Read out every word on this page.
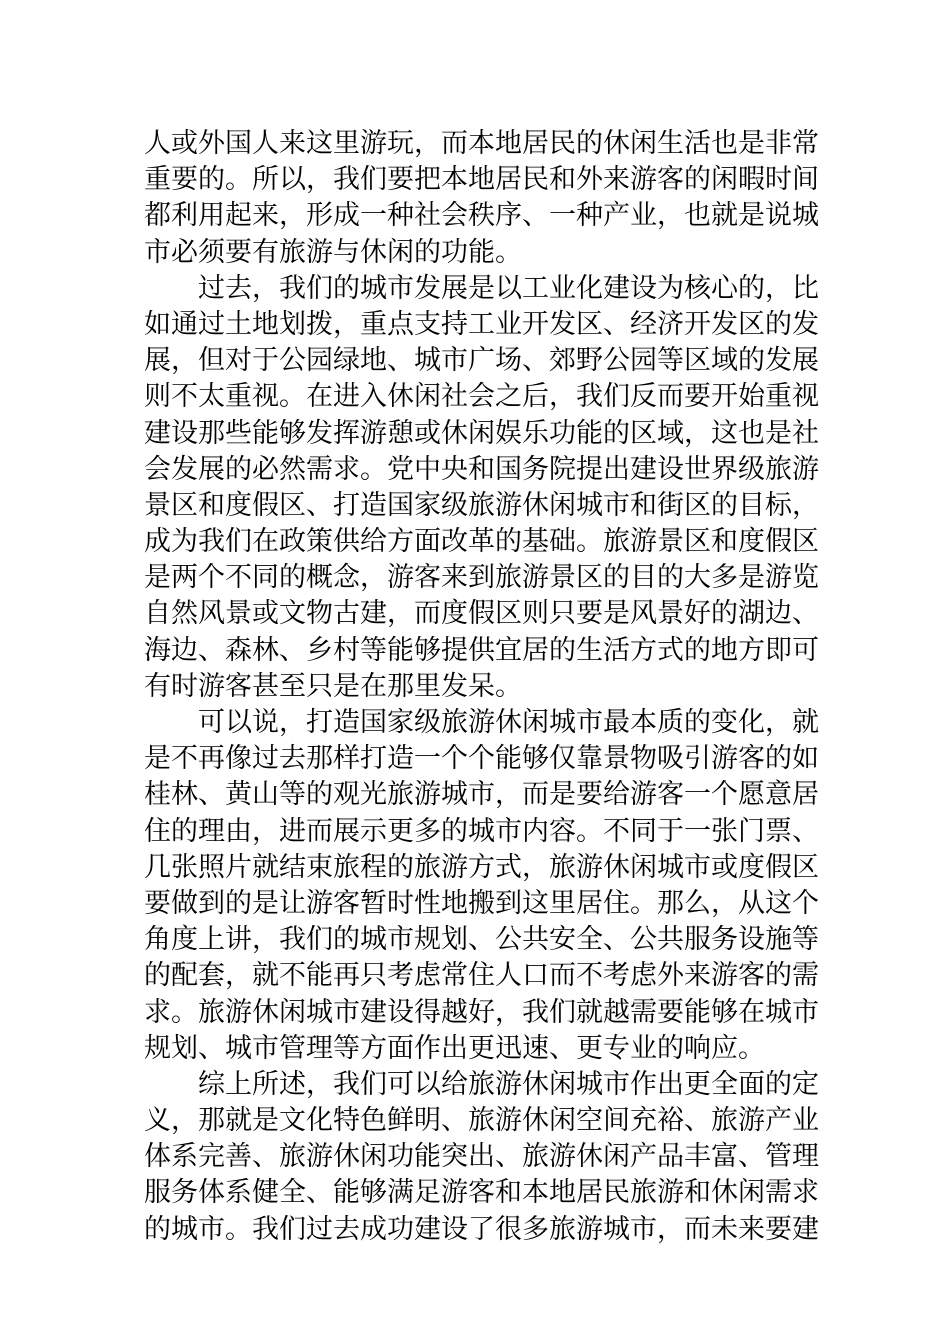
人或外国人来这里游玩，而本地居民的休闲生活也是非常
重要的。所以，我们要把本地居民和外来游客的闲暇时间
都利用起来，形成一种社会秩序、一种产业，也就是说城
市必须要有旅游与休闲的功能。
过去，我们的城市发展是以工业化建设为核心的，比
如通过土地划拨，重点支持工业开发区、经济开发区的发
展，但对于公园绿地、城市广场、郊野公园等区域的发展
则不太重视。在进入休闲社会之后，我们反而要开始重视
建设那些能够发挥游憩或休闲娱乐功能的区域，这也是社
会发展的必然需求。党中央和国务院提出建设世界级旅游
景区和度假区、打造国家级旅游休闲城市和街区的目标，
成为我们在政策供给方面改革的基础。旅游景区和度假区
是两个不同的概念，游客来到旅游景区的目的大多是游览
自然风景或文物古建，而度假区则只要是风景好的湖边、
海边、森林、乡村等能够提供宜居的生活方式的地方即可
有时游客甚至只是在那里发呆。
可以说，打造国家级旅游休闲城市最本质的变化，就
是不再像过去那样打造一个个能够仅靠景物吸引游客的如
桂林、黄山等的观光旅游城市，而是要给游客一个愿意居
住的理由，进而展示更多的城市内容。不同于一张门票、
几张照片就结束旅程的旅游方式，旅游休闲城市或度假区
要做到的是让游客暂时性地搬到这里居住。那么，从这个
角度上讲，我们的城市规划、公共安全、公共服务设施等
的配套，就不能再只考虑常住人口而不考虑外来游客的需
求。旅游休闲城市建设得越好，我们就越需要能够在城市
规划、城市管理等方面作出更迅速、更专业的响应。
综上所述，我们可以给旅游休闲城市作出更全面的定
义，那就是文化特色鲜明、旅游休闲空间充裕、旅游产业
体系完善、旅游休闲功能突出、旅游休闲产品丰富、管理
服务体系健全、能够满足游客和本地居民旅游和休闲需求
的城市。我们过去成功建设了很多旅游城市，而未来要建
